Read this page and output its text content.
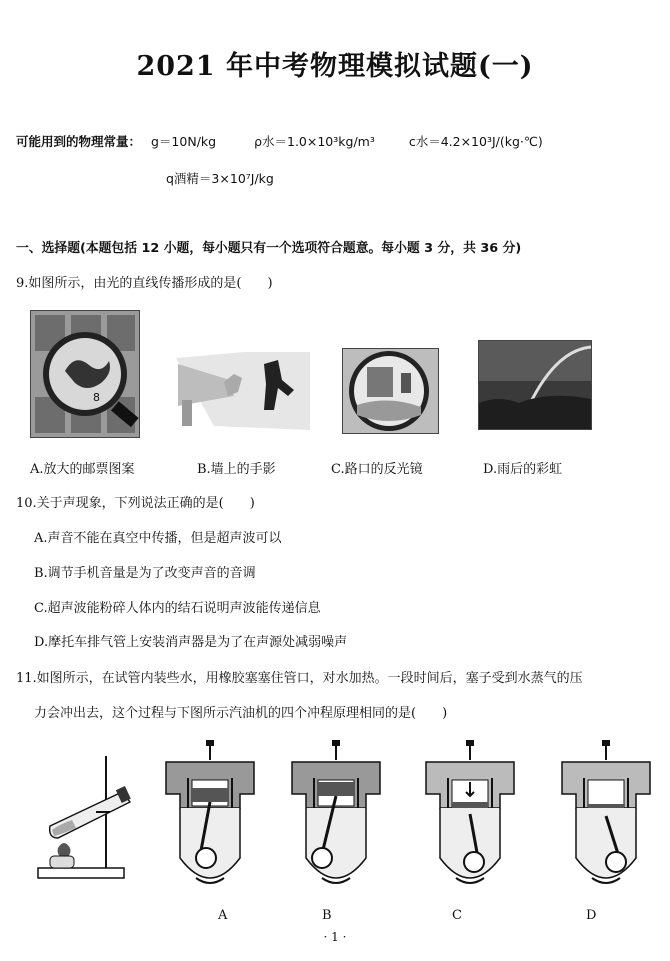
2021 年中考物理模拟试题(一)
可能用到的物理常量： g＝10N/kg	ρ水＝1.0×10³kg/m³	c水＝4.2×10³J/(kg·℃)
q酒精＝3×10⁷J/kg
一、选择题(本题包括 12 小题，每小题只有一个选项符合题意。每小题 3 分，共 36 分)
9.如图所示，由光的直线传播形成的是(　　)
8
A.放大的邮票图案	B.墙上的手影	C.路口的反光镜	D.雨后的彩虹
10.关于声现象，下列说法正确的是(　　)
A.声音不能在真空中传播，但是超声波可以
B.调节手机音量是为了改变声音的音调
C.超声波能粉碎人体内的结石说明声波能传递信息
D.摩托车排气管上安装消声器是为了在声源处减弱噪声
11.如图所示，在试管内装些水，用橡胶塞塞住管口，对水加热。一段时间后，塞子受到水蒸气的压
力会冲出去，这个过程与下图所示汽油机的四个冲程原理相同的是(　　)
A	B	C	D
· 1 ·
